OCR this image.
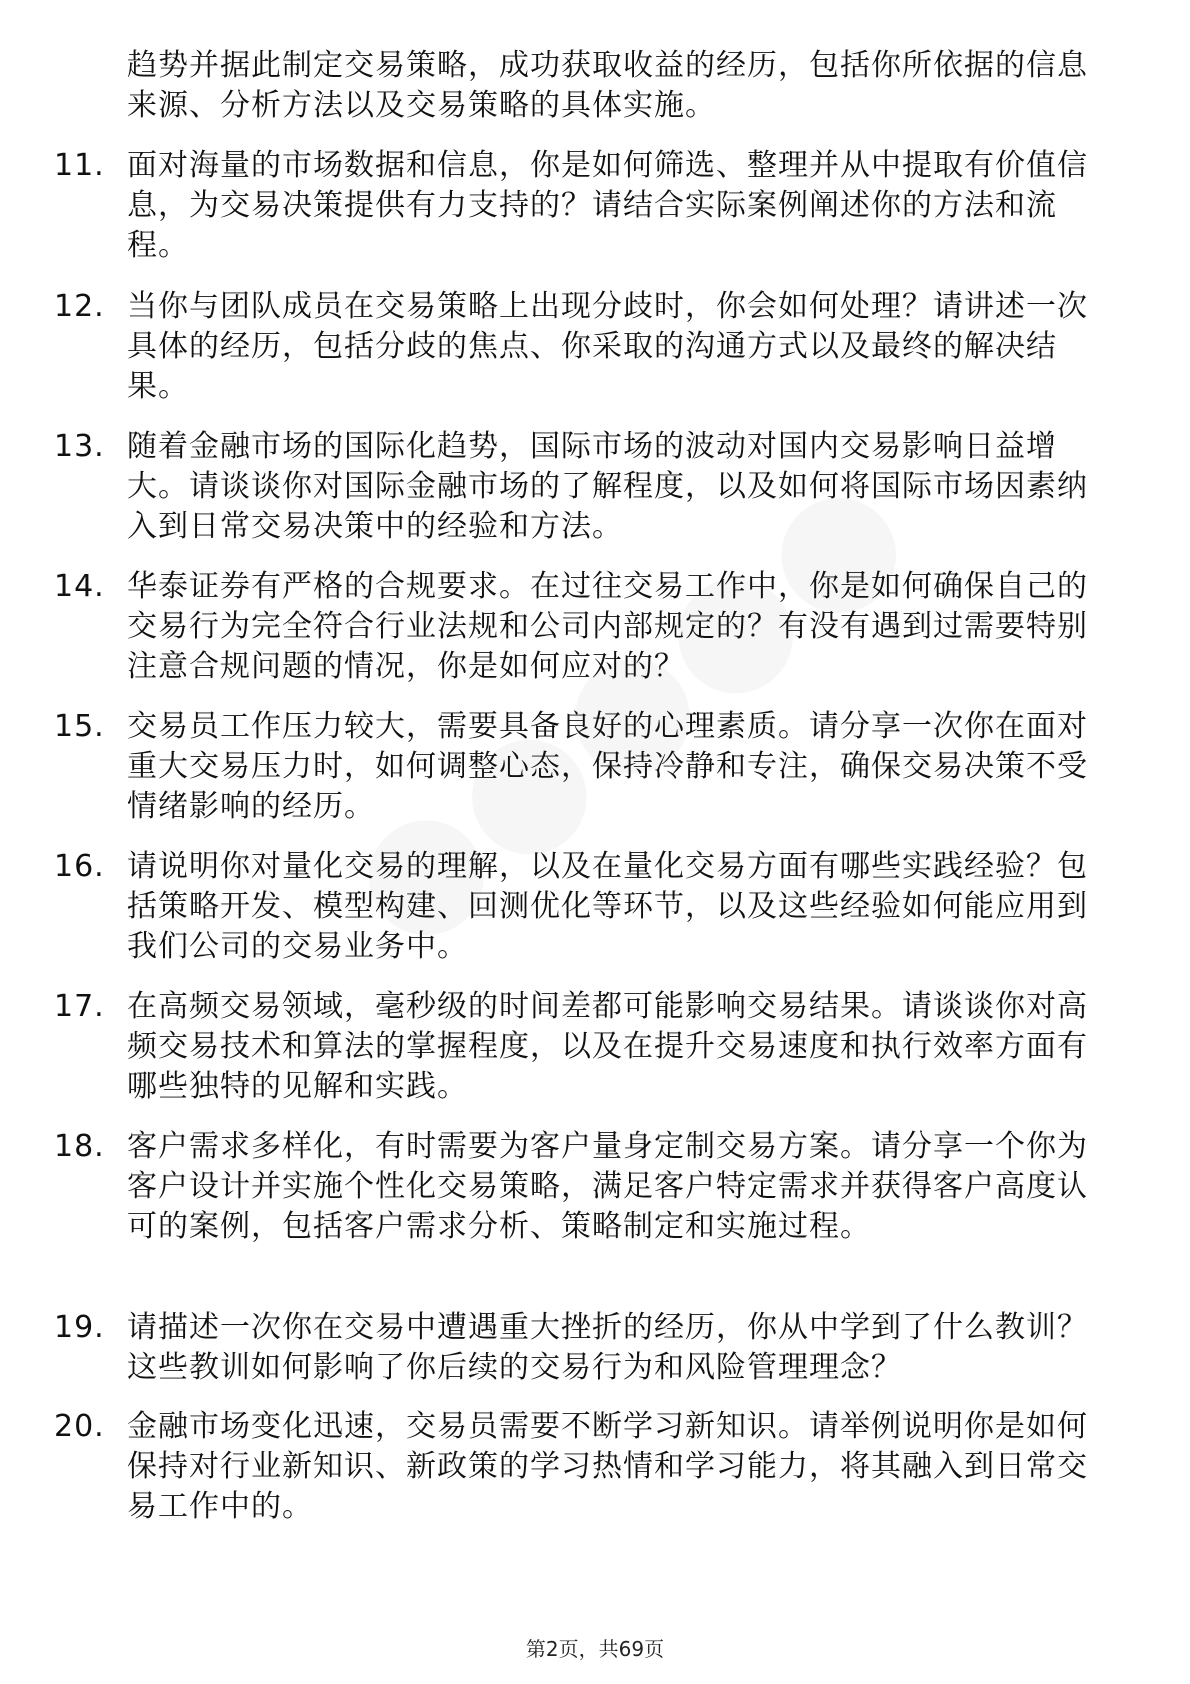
趋势并据此制定交易策略，成功获取收益的经历，包括你所依据的信息来源、分析方法以及交易策略的具体实施。

11. 面对海量的市场数据和信息，你是如何筛选、整理并从中提取有价值信息，为交易决策提供有力支持的？请结合实际案例阐述你的方法和流程。
12. 当你与团队成员在交易策略上出现分歧时，你会如何处理？请讲述一次具体的经历，包括分歧的焦点、你采取的沟通方式以及最终的解决结果。
13. 随着金融市场的国际化趋势，国际市场的波动对国内交易影响日益增大。请谈谈你对国际金融市场的了解程度，以及如何将国际市场因素纳入到日常交易决策中的经验和方法。
14. 华泰证券有严格的合规要求。在过往交易工作中，你是如何确保自己的交易行为完全符合行业法规和公司内部规定的？有没有遇到过需要特别注意合规问题的情况，你是如何应对的？
15. 交易员工作压力较大，需要具备良好的心理素质。请分享一次你在面对重大交易压力时，如何调整心态，保持冷静和专注，确保交易决策不受情绪影响的经历。
16. 请说明你对量化交易的理解，以及在量化交易方面有哪些实践经验？包括策略开发、模型构建、回测优化等环节，以及这些经验如何能应用到我们公司的交易业务中。
17. 在高频交易领域，毫秒级的时间差都可能影响交易结果。请谈谈你对高频交易技术和算法的掌握程度，以及在提升交易速度和执行效率方面有哪些独特的见解和实践。
18. 客户需求多样化，有时需要为客户量身定制交易方案。请分享一个你为客户设计并实施个性化交易策略，满足客户特定需求并获得客户高度认可的案例，包括客户需求分析、策略制定和实施过程。
19. 请描述一次你在交易中遭遇重大挫折的经历，你从中学到了什么教训？这些教训如何影响了你后续的交易行为和风险管理理念？
20. 金融市场变化迅速，交易员需要不断学习新知识。请举例说明你是如何保持对行业新知识、新政策的学习热情和学习能力，将其融入到日常交易工作中的。
第2页，共69页
